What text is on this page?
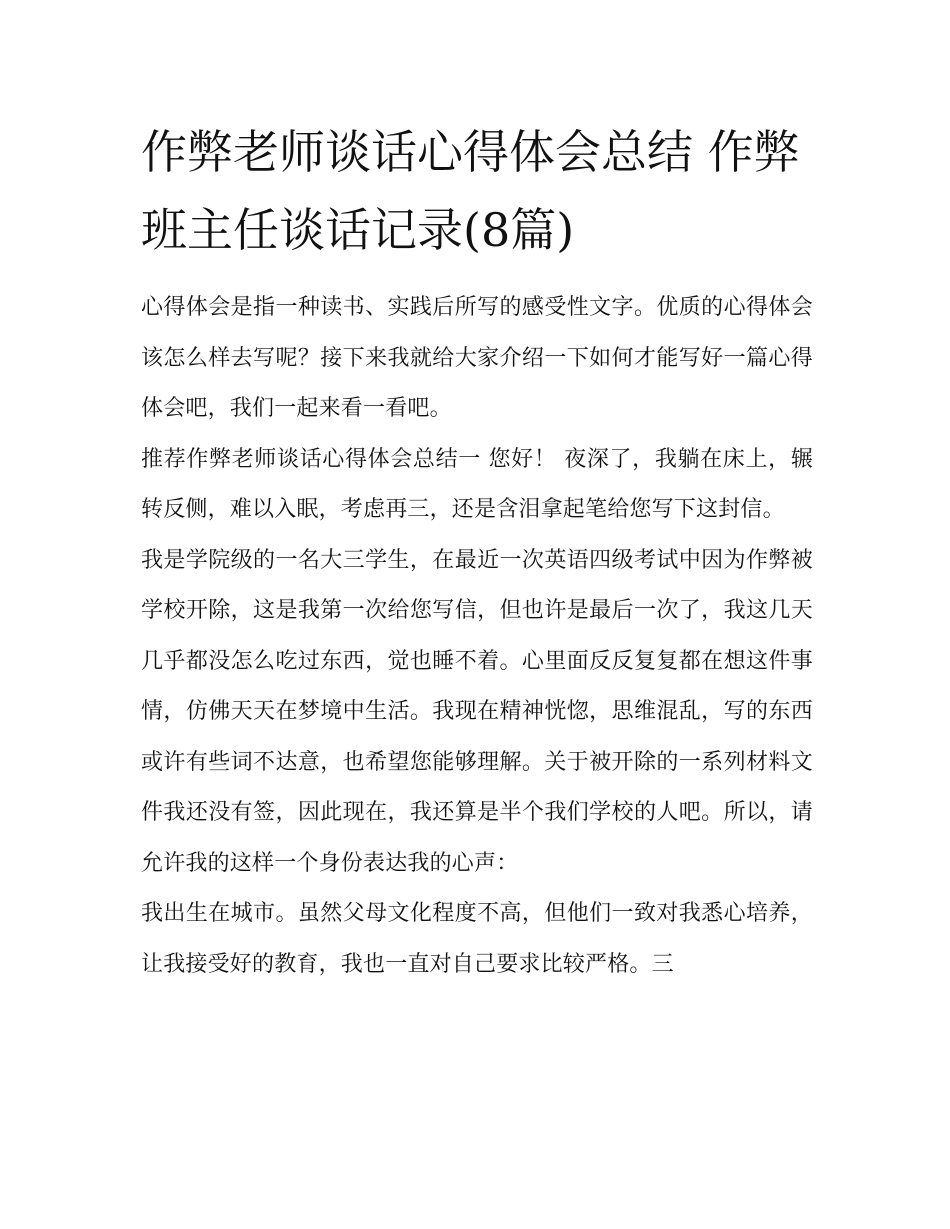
作弊老师谈话心得体会总结 作弊班主任谈话记录(8篇)

心得体会是指一种读书、实践后所写的感受性文字。优质的心得体会该怎么样去写呢？接下来我就给大家介绍一下如何才能写好一篇心得体会吧，我们一起来看一看吧。

推荐作弊老师谈话心得体会总结一 您好！ 夜深了，我躺在床上，辗转反侧，难以入眠，考虑再三，还是含泪拿起笔给您写下这封信。

我是学院级的一名大三学生，在最近一次英语四级考试中因为作弊被学校开除，这是我第一次给您写信，但也许是最后一次了，我这几天几乎都没怎么吃过东西，觉也睡不着。心里面反反复复都在想这件事情，仿佛天天在梦境中生活。我现在精神恍惚，思维混乱，写的东西或许有些词不达意，也希望您能够理解。关于被开除的一系列材料文件我还没有签，因此现在，我还算是半个我们学校的人吧。所以，请允许我的这样一个身份表达我的心声：

我出生在城市。虽然父母文化程度不高，但他们一致对我悉心培养，让我接受好的教育，我也一直对自己要求比较严格。三
